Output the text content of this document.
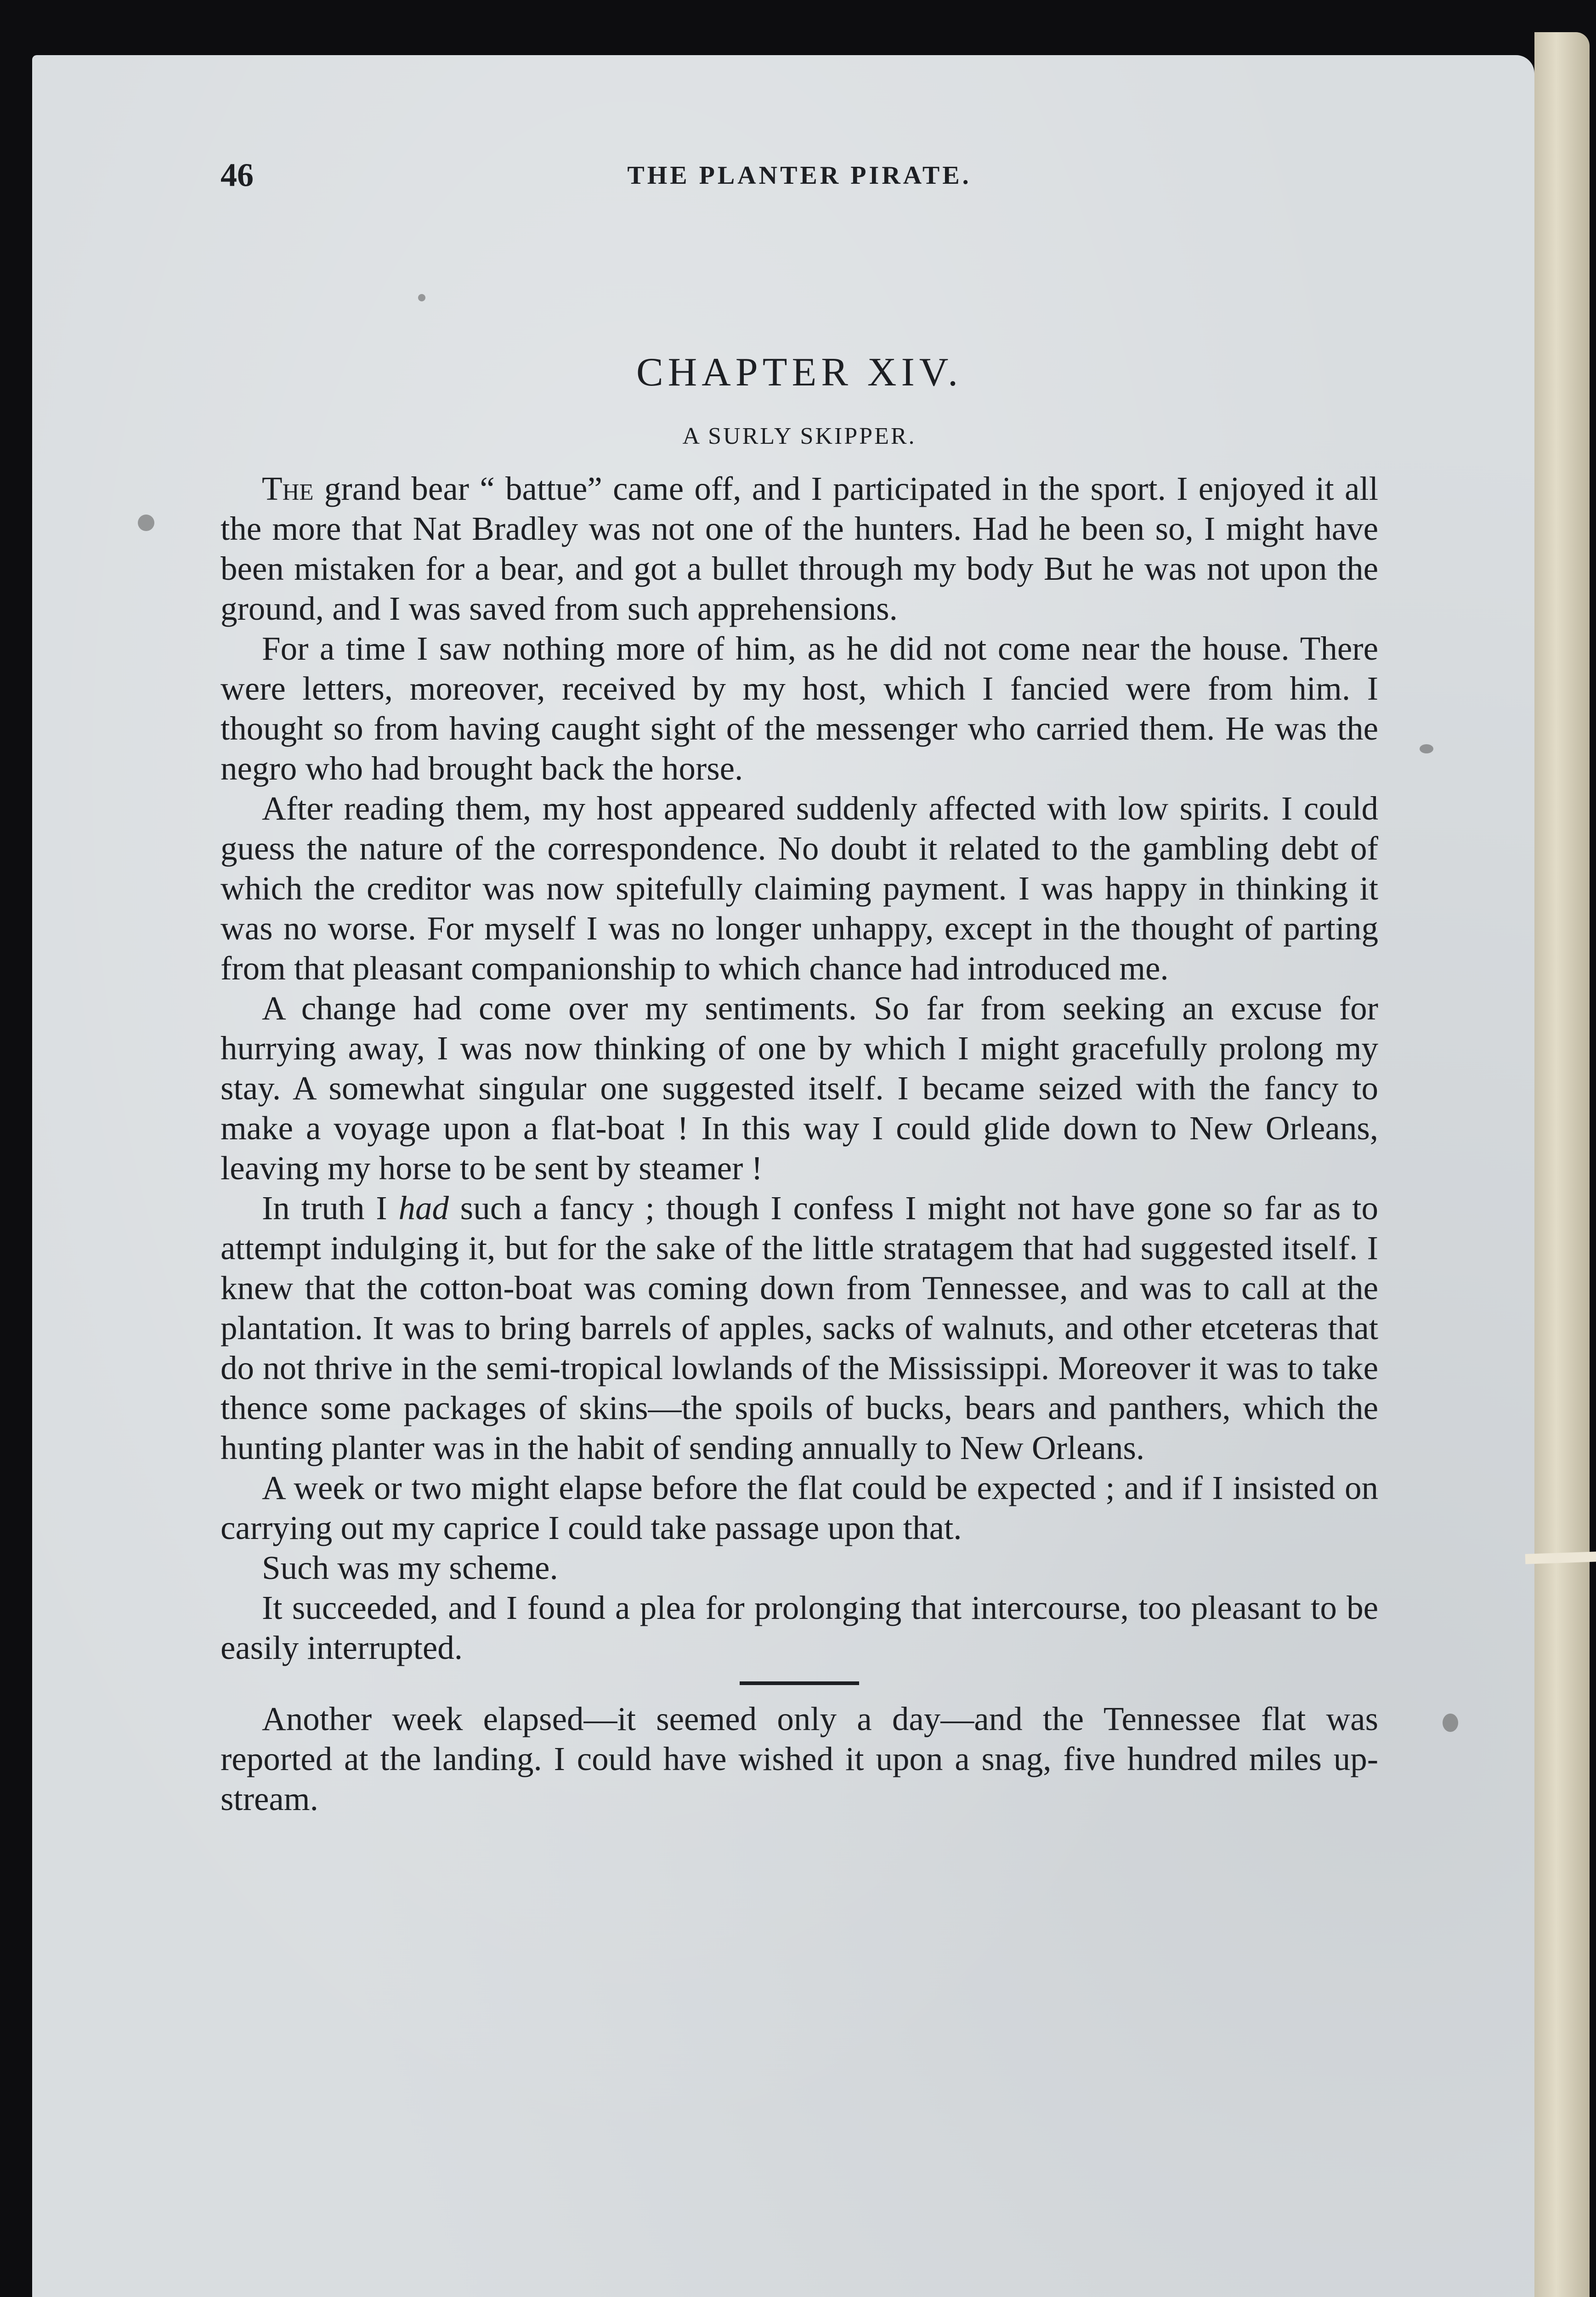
46	THE PLANTER PIRATE.
CHAPTER XIV.
A SURLY SKIPPER.

The grand bear “ battue” came off, and I participated in the sport. I enjoyed it all the more that Nat Bradley was not one of the hunters. Had he been so, I might have been mistaken for a bear, and got a bullet through my body But he was not upon the ground, and I was saved from such apprehensions.

For a time I saw nothing more of him, as he did not come near the house. There were letters, moreover, received by my host, which I fancied were from him. I thought so from having caught sight of the messenger who carried them. He was the negro who had brought back the horse.

After reading them, my host appeared suddenly affected with low spirits. I could guess the nature of the correspondence. No doubt it related to the gambling debt of which the creditor was now spitefully claiming payment. I was happy in thinking it was no worse. For myself I was no longer unhappy, except in the thought of parting from that pleasant companionship to which chance had introduced me.

A change had come over my sentiments. So far from seeking an excuse for hurrying away, I was now thinking of one by which I might gracefully prolong my stay. A somewhat singular one suggested itself. I became seized with the fancy to make a voyage upon a flat-boat ! In this way I could glide down to New Orleans, leaving my horse to be sent by steamer !

In truth I had such a fancy ; though I confess I might not have gone so far as to attempt indulging it, but for the sake of the little stratagem that had suggested itself. I knew that the cotton-boat was coming down from Tennessee, and was to call at the plantation. It was to bring barrels of apples, sacks of walnuts, and other etceteras that do not thrive in the semi-tropical lowlands of the Mississippi. Moreover it was to take thence some packages of skins—the spoils of bucks, bears and panthers, which the hunting planter was in the habit of sending annually to New Orleans.

A week or two might elapse before the flat could be expected ; and if I insisted on carrying out my caprice I could take passage upon that.

Such was my scheme.

It succeeded, and I found a plea for prolonging that intercourse, too pleasant to be easily interrupted.

Another week elapsed—it seemed only a day—and the Tennessee flat was reported at the landing. I could have wished it upon a snag, five hundred miles up-stream.
